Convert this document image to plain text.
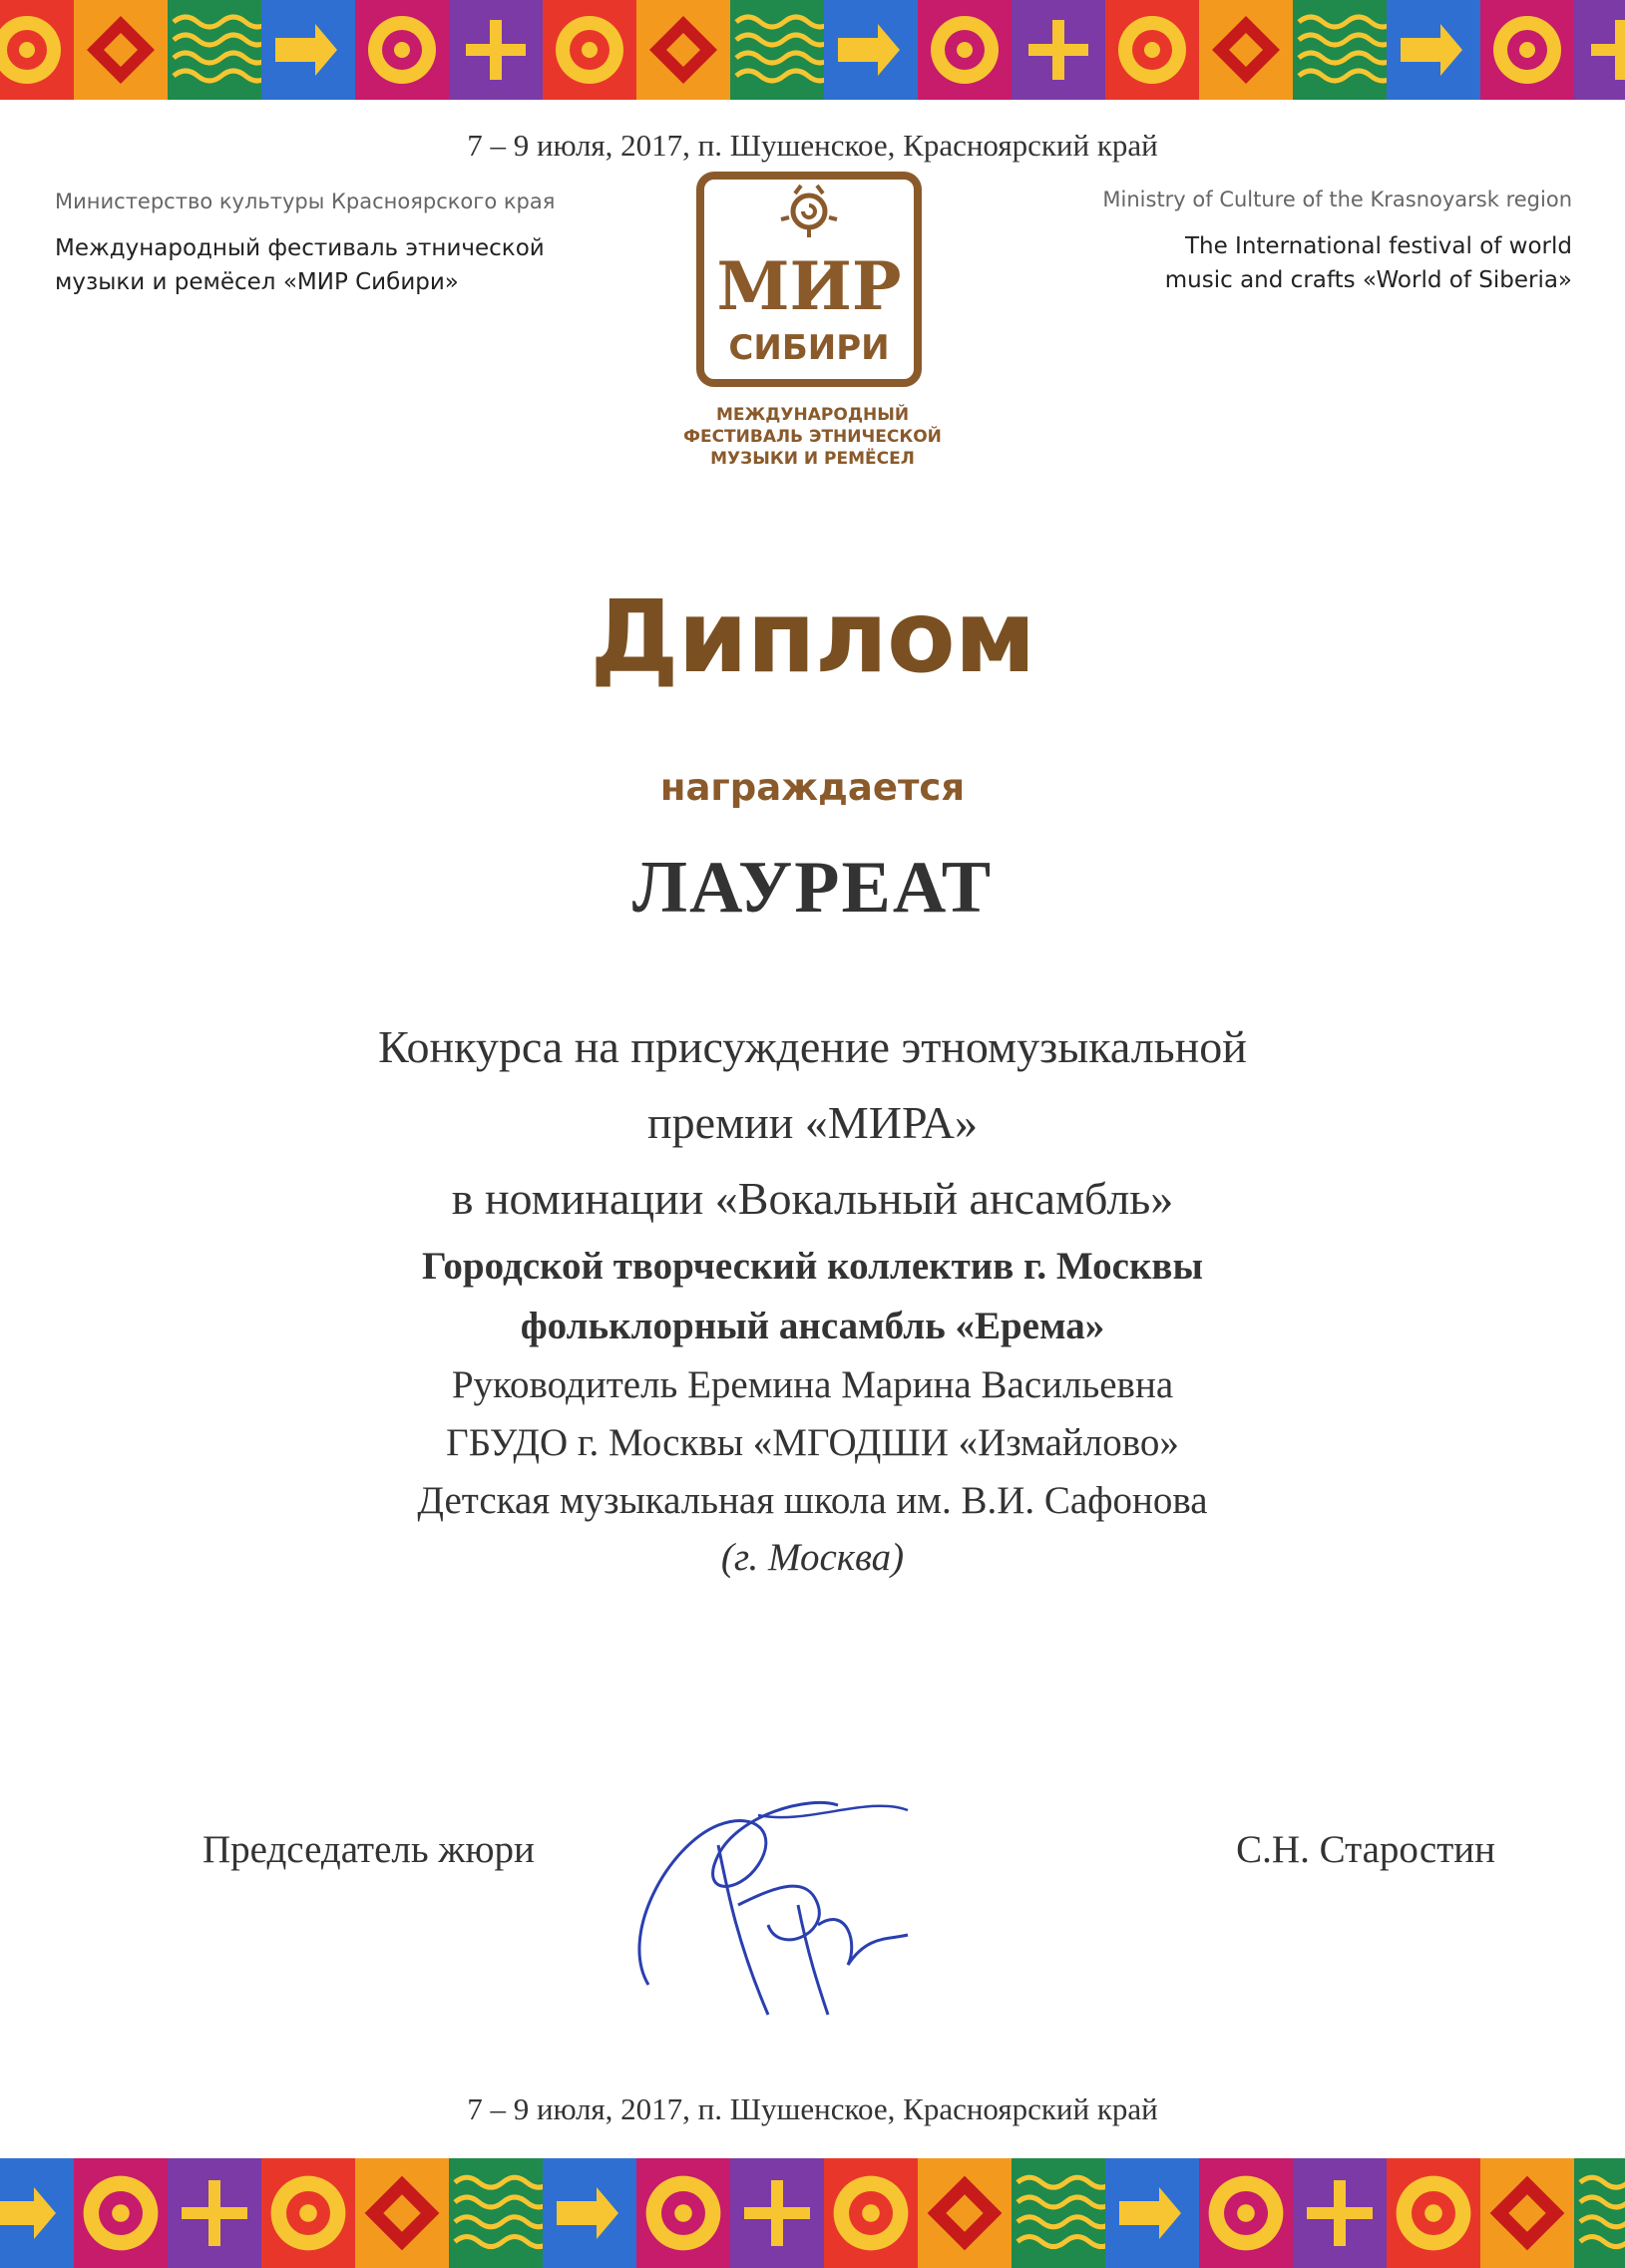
7 – 9 июля, 2017, п. Шушенское, Красноярский край
Министерство культуры Красноярского края
Международный фестиваль этнической
музыки и ремёсел «МИР Сибири»
Ministry of Culture of the Krasnoyarsk region
The International festival of world
music and crafts «World of Siberia»
МИР
СИБИРИ
МЕЖДУНАРОДНЫЙ
ФЕСТИВАЛЬ ЭТНИЧЕСКОЙ
МУЗЫКИ И РЕМЁСЕЛ
Диплом
награждается
ЛАУРЕАТ
Конкурса на присуждение этномузыкальной
премии «МИРА»
в номинации «Вокальный ансамбль»
Городской творческий коллектив г. Москвы
фольклорный ансамбль «Ерема»
Руководитель Еремина Марина Васильевна
ГБУДО г. Москвы «МГОДШИ «Измайлово»
Детская музыкальная школа им. В.И. Сафонова
(г. Москва)
Председатель жюри	С.Н. Старостин
7 – 9 июля, 2017, п. Шушенское, Красноярский край
